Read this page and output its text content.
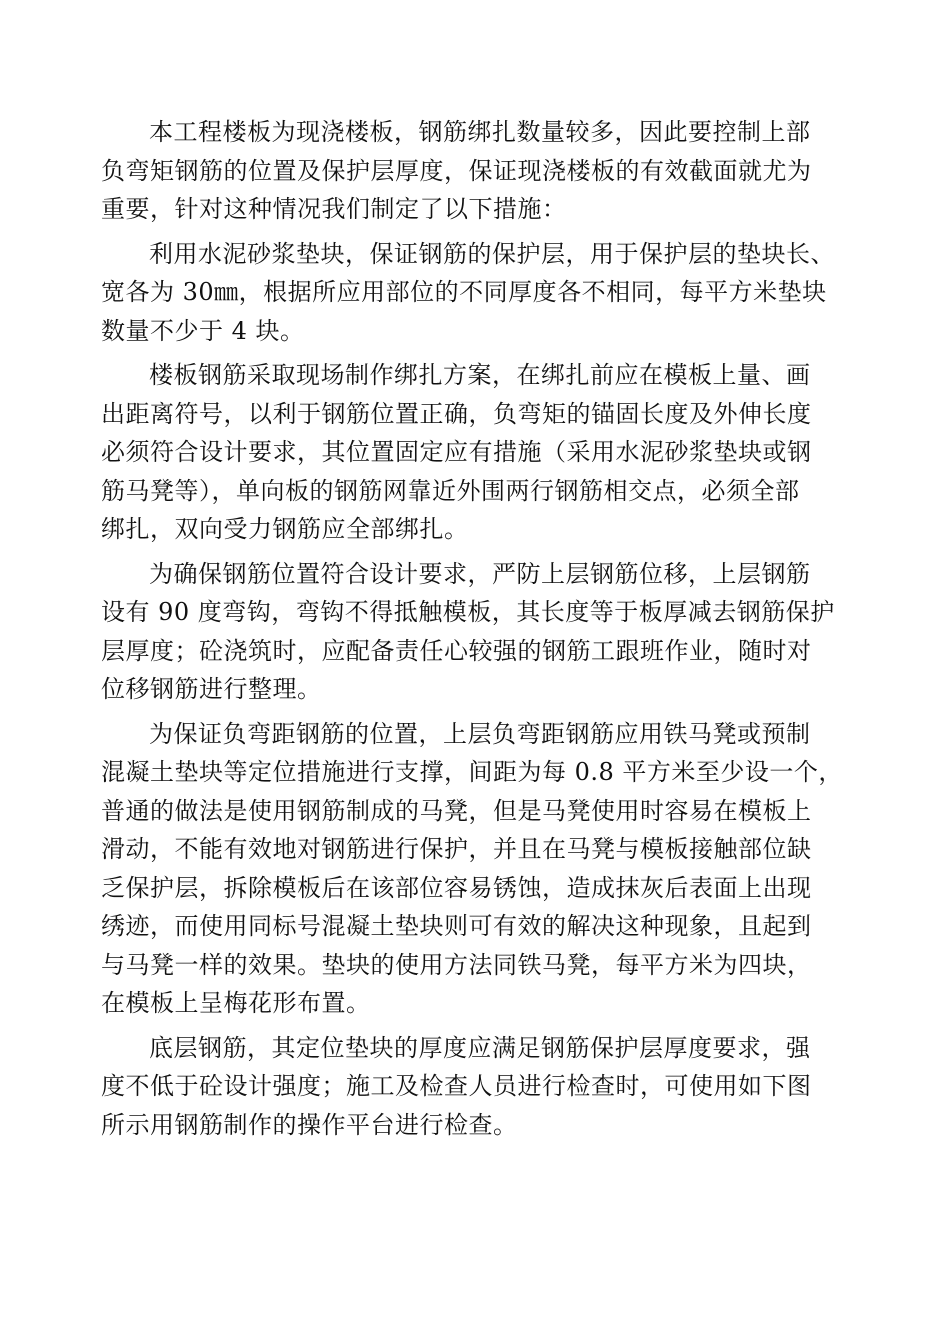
本工程楼板为现浇楼板，钢筋绑扎数量较多，因此要控制上部
负弯矩钢筋的位置及保护层厚度，保证现浇楼板的有效截面就尤为
重要，针对这种情况我们制定了以下措施：
利用水泥砂浆垫块，保证钢筋的保护层，用于保护层的垫块长、
宽各为 30㎜，根据所应用部位的不同厚度各不相同，每平方米垫块
数量不少于 4 块。
楼板钢筋采取现场制作绑扎方案，在绑扎前应在模板上量、画
出距离符号，以利于钢筋位置正确，负弯矩的锚固长度及外伸长度
必须符合设计要求，其位置固定应有措施（采用水泥砂浆垫块或钢
筋马凳等），单向板的钢筋网靠近外围两行钢筋相交点，必须全部
绑扎，双向受力钢筋应全部绑扎。
为确保钢筋位置符合设计要求，严防上层钢筋位移，上层钢筋
设有 90 度弯钩，弯钩不得抵触模板，其长度等于板厚减去钢筋保护
层厚度；砼浇筑时，应配备责任心较强的钢筋工跟班作业，随时对
位移钢筋进行整理。
为保证负弯距钢筋的位置，上层负弯距钢筋应用铁马凳或预制
混凝土垫块等定位措施进行支撑，间距为每 0.8 平方米至少设一个，
普通的做法是使用钢筋制成的马凳，但是马凳使用时容易在模板上
滑动，不能有效地对钢筋进行保护，并且在马凳与模板接触部位缺
乏保护层，拆除模板后在该部位容易锈蚀，造成抹灰后表面上出现
绣迹，而使用同标号混凝土垫块则可有效的解决这种现象，且起到
与马凳一样的效果。垫块的使用方法同铁马凳，每平方米为四块，
在模板上呈梅花形布置。
底层钢筋，其定位垫块的厚度应满足钢筋保护层厚度要求，强
度不低于砼设计强度；施工及检查人员进行检查时，可使用如下图
所示用钢筋制作的操作平台进行检查。
